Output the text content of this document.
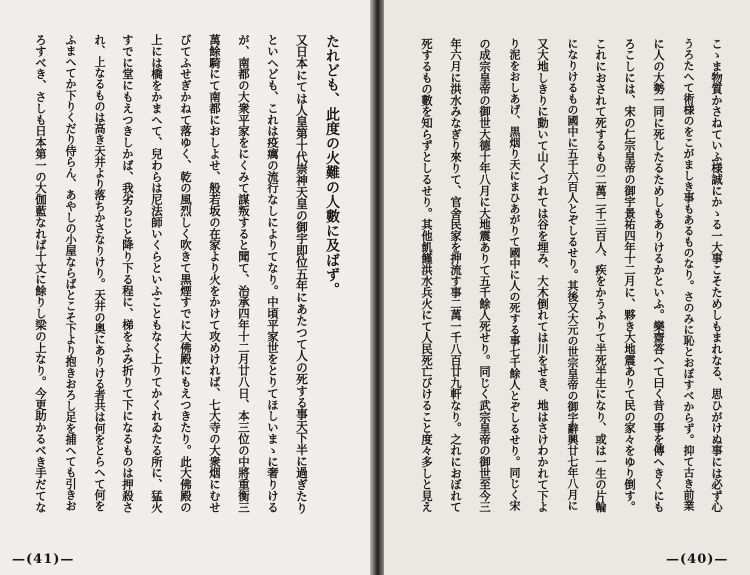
たれども、此度の火難の人數に及ばず。
又日本にては人皇第十代崇神天皇の御宇即位五年にあたつて人の死する事天下半に過ぎたり
といへども、これは疫癘の流行なしによりてなり。中頃平家世をとりてほしいまゝに奢りける
が、南都の大衆平家をにくみて謀叛すると聞て、治承四年十二月廿八日、本三位の中將重衡三
萬餘騎にて南都におしよせ、般若坂の在家より火をかけて攻めければ、七大寺の大衆烟にむせ
びてふせぎかねて落ゆく、乾の風烈しく吹きて黒煙すでに大佛殿にもえつきたり。此大佛殿の
上には橋をかまへて、兒わらは尼法師いくらといふこともなく上りてかくれゐたる所に、猛火
すでに堂にもえつきしかば、我劣らじと降り下る程に、梯をふみ折りて下になるものは押殺さ
れ、上なるものは高き天井より落ちかさなりけり。天井の奥にありける者共は何をとらへて何を
ふまへてか下りくだり侍らん、あやしの小屋ならばとこそ下より抱きおろし足を捕へても引きお
ろすべき、さしも日本第一の大伽藍なれば十丈に餘りし梁の上なり。今更助かるべき手だてな
—(41)—
こゝま物質かさねていふ様誠にかゝる一大事こそためしもまれなる、思ひがけぬ事には必ず心
うろたへて術様のをこがましき事もあるものなり。さのみに恥とおぼすべからず。抑て古き前業
に人の大勢一同に死したるためしもありけるかといふ。樂齋答へて曰く昔の事を傳へきくにも
ろこしには、宋の仁宗皇帝の御宇景祐四年十二月に、夥き大地震ありて民の家々をゆり倒す。
これにおされて死するもの二萬二千三百人、疾をかうふりて半死半生になり、或は一生の片輪
になりけるもの國中に五千六百人とぞしるせり。其後又大元の世宗皇帝の御宇辭興廿七年八月に
又大地しきりに動いて山くづれては谷を埋み、大木倒れては川をせき、地はさけわかれて下よ
り泥をおしあげ、黒烟り天にまひあがりて國中に人の死する事七千餘人とぞしるせり。同じく宋
の成宗皇帝の御世大德十年八月に大地震ありて五千餘人死せり。同じく武宗皇帝の御世至今三
年六月に洪水みなぎり來りて、官舍民家を押流す事二萬一千八百廿九軒なり。之れにおぼれて
死するもの數を知らずとしるせり。其他飢饉洪水兵火にて人民死亡びけること度々多しと見え
—(40)—
